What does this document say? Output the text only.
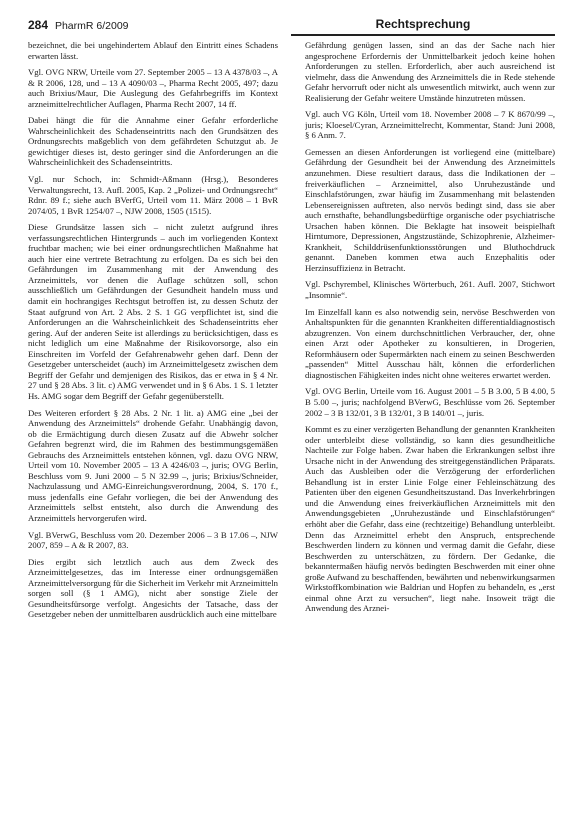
284 PharmR 6/2009	Rechtsprechung

bezeichnet, die bei ungehindertem Ablauf den Eintritt eines Schadens erwarten lässt.

Vgl. OVG NRW, Urteile vom 27. September 2005 – 13 A 4378/03 –, A & R 2006, 128, und – 13 A 4090/03 –, Pharma Recht 2005, 497; dazu auch Brixius/Maur, Die Auslegung des Gefahrbegriffs im Kontext arzneimittelrechtlicher Auflagen, Pharma Recht 2007, 14 ff.

Dabei hängt die für die Annahme einer Gefahr erforderliche Wahrscheinlichkeit des Schadenseintritts nach den Grundsätzen des Ordnungsrechts maßgeblich von dem gefährdeten Schutzgut ab. Je gewichtiger dieses ist, desto geringer sind die Anforderungen an die Wahrscheinlichkeit des Schadenseintritts.

Vgl. nur Schoch, in: Schmidt-Aßmann (Hrsg.), Besonderes Verwaltungsrecht, 13. Aufl. 2005, Kap. 2 „Polizei- und Ordnungsrecht“ Rdnr. 89 f.; siehe auch BVerfG, Urteil vom 11. März 2008 – 1 BvR 2074/05, 1 BvR 1254/07 –, NJW 2008, 1505 (1515).

Diese Grundsätze lassen sich – nicht zuletzt aufgrund ihres verfassungsrechtlichen Hintergrunds – auch im vorliegenden Kontext fruchtbar machen; wie bei einer ordnungsrechtlichen Maßnahme hat auch hier eine vertrete Betrachtung zu erfolgen. Da es sich bei den Gefährdungen im Zusammenhang mit der Anwendung des Arzneimittels, vor denen die Auflage schützen soll, schon ausschließlich um Gefährdungen der Gesundheit handeln muss und damit ein hochrangiges Rechtsgut betroffen ist, zu dessen Schutz der Staat aufgrund von Art. 2 Abs. 2 S. 1 GG verpflichtet ist, sind die Anforderungen an die Wahrscheinlichkeit des Schadenseintritts eher gering. Auf der anderen Seite ist allerdings zu berücksichtigen, dass es nicht lediglich um eine Maßnahme der Risikovorsorge, also ein Einschreiten im Vorfeld der Gefahrenabwehr gehen darf. Denn der Gesetzgeber unterscheidet (auch) im Arzneimittelgesetz zwischen dem Begriff der Gefahr und demjenigen des Risikos, das er etwa in § 4 Nr. 27 und § 28 Abs. 3 lit. c) AMG verwendet und in § 6 Abs. 1 S. 1 letzter Hs. AMG sogar dem Begriff der Gefahr gegenüberstellt.

Des Weiteren erfordert § 28 Abs. 2 Nr. 1 lit. a) AMG eine „bei der Anwendung des Arzneimittels“ drohende Gefahr. Unabhängig davon, ob die Ermächtigung durch diesen Zusatz auf die Abwehr solcher Gefahren begrenzt wird, die im Rahmen des bestimmungsgemäßen Gebrauchs des Arzneimittels entstehen können, vgl. dazu OVG NRW, Urteil vom 10. November 2005 – 13 A 4246/03 –, juris; OVG Berlin, Beschluss vom 9. Juni 2000 – 5 N 32.99 –, juris; Brixius/Schneider, Nachzulassung und AMG-Einreichungsverordnung, 2004, S. 170 f., muss jedenfalls eine Gefahr vorliegen, die bei der Anwendung des Arzneimittels selbst entsteht, also durch die Anwendung des Arzneimittels hervorgerufen wird.

Vgl. BVerwG, Beschluss vom 20. Dezember 2006 – 3 B 17.06 –, NJW 2007, 859 – A & R 2007, 83.

Dies ergibt sich letztlich auch aus dem Zweck des Arzneimittelgesetzes, das im Interesse einer ordnungsgemäßen Arzneimittelversorgung für die Sicherheit im Verkehr mit Arzneimitteln sorgen soll (§ 1 AMG), nicht aber sonstige Ziele der Gesundheitsfürsorge verfolgt. Angesichts der Tatsache, dass der Gesetzgeber neben der unmittelbaren ausdrücklich auch eine mittelbare

Gefährdung genügen lassen, sind an das der Sache nach hier angesprochene Erfordernis der Unmittelbarkeit jedoch keine hohen Anforderungen zu stellen. Erforderlich, aber auch ausreichend ist vielmehr, dass die Anwendung des Arzneimittels die in Rede stehende Gefahr hervorruft oder nicht als unwesentlich mitwirkt, auch wenn zur Realisierung der Gefahr weitere Umstände hinzutreten müssen.

Vgl. auch VG Köln, Urteil vom 18. November 2008 – 7 K 8670/99 –, juris; Kloesel/Cyran, Arzneimittelrecht, Kommentar, Stand: Juni 2008, § 6 Anm. 7.

Gemessen an diesen Anforderungen ist vorliegend eine (mittelbare) Gefährdung der Gesundheit bei der Anwendung des Arzneimittels anzunehmen. Diese resultiert daraus, dass die Indikationen der – freiverkäuflichen – Arzneimittel, also Unruhezustände und Einschlafstörungen, zwar häufig im Zusammenhang mit belastenden Lebensereignissen auftreten, also nervös bedingt sind, dass sie aber auch ernsthafte, behandlungsbedürftige organische oder psychiatrische Ursachen haben können. Die Beklagte hat insoweit beispielhaft Hirntumore, Depressionen, Angstzustände, Schizophrenie, Alzheimer-Krankheit, Schilddrüsenfunktionsstörungen und Bluthochdruck genannt. Daneben kommen etwa auch Enzephalitis oder Herzinsuffizienz in Betracht.

Vgl. Pschyrembel, Klinisches Wörterbuch, 261. Aufl. 2007, Stichwort „Insomnie“.

Im Einzelfall kann es also notwendig sein, nervöse Beschwerden von Anhaltspunkten für die genannten Krankheiten differentialdiagnostisch abzugrenzen. Von einem durchschnittlichen Verbraucher, der, ohne einen Arzt oder Apotheker zu konsultieren, in Drogerien, Reformhäusern oder Supermärkten nach einem zu seinen Beschwerden „passenden“ Mittel Ausschau hält, können die erforderlichen diagnostischen Fähigkeiten indes nicht ohne weiteres erwartet werden.

Vgl. OVG Berlin, Urteile vom 16. August 2001 – 5 B 3.00, 5 B 4.00, 5 B 5.00 –, juris; nachfolgend BVerwG, Beschlüsse vom 26. September 2002 – 3 B 132/01, 3 B 132/01, 3 B 140/01 –, juris.

Kommt es zu einer verzögerten Behandlung der genannten Krankheiten oder unterbleibt diese vollständig, so kann dies gesundheitliche Nachteile zur Folge haben. Zwar haben die Erkrankungen selbst ihre Ursache nicht in der Anwendung des streitgegenständlichen Präparats. Auch das Ausbleiben oder die Verzögerung der erforderlichen Behandlung ist in erster Linie Folge einer Fehleinschätzung des Patienten über den eigenen Gesundheitszustand. Das Inverkehrbringen und die Anwendung eines freiverkäuflichen Arzneimittels mit den Anwendungsgebieten „Unruhezustände und Einschlafstörungen“ erhöht aber die Gefahr, dass eine (rechtzeitige) Behandlung unterbleibt. Denn das Arzneimittel erhebt den Anspruch, entsprechende Beschwerden lindern zu können und vermag damit die Gefahr, diese Beschwerden zu unterschätzen, zu fördern. Der Gedanke, die bekanntermaßen häufig nervös bedingten Beschwerden mit einer ohne große Aufwand zu beschaffenden, bewährten und nebenwirkungsarmen Wirkstoffkombination wie Baldrian und Hopfen zu behandeln, es „erst einmal ohne Arzt zu versuchen“, liegt nahe. Insoweit trägt die Anwendung des Arznei-
